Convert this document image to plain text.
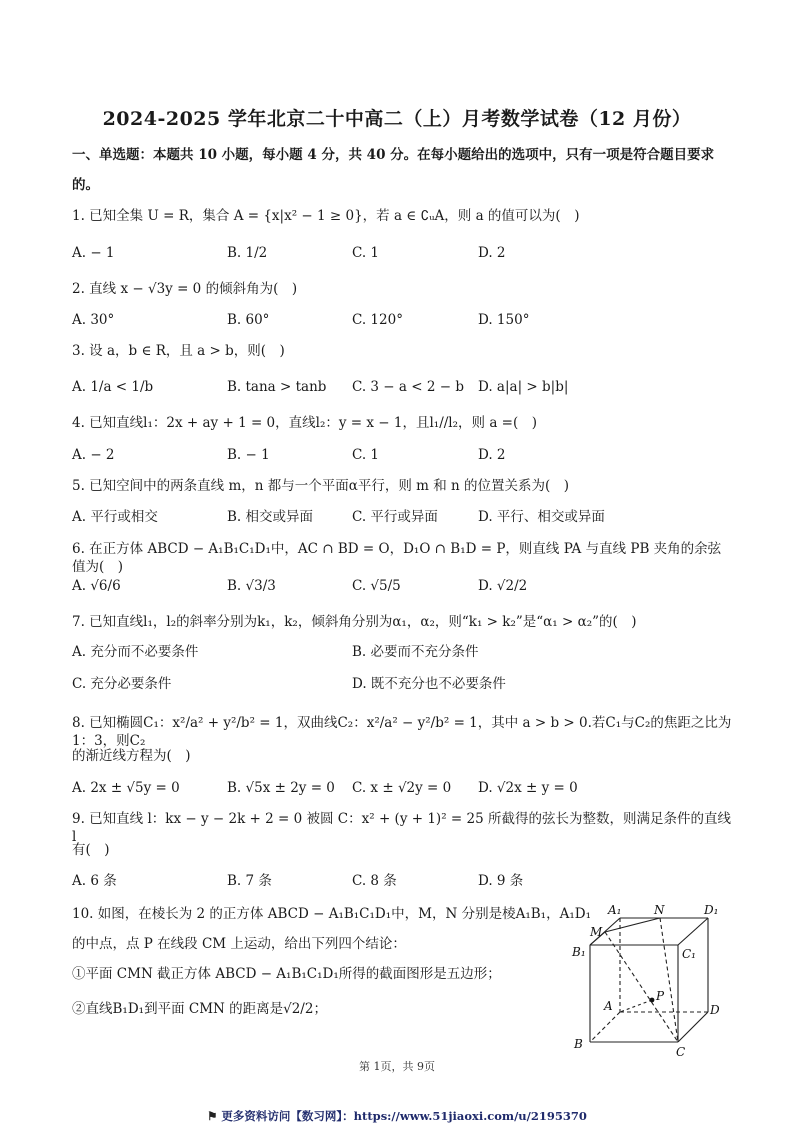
2024-2025 学年北京二十中高二（上）月考数学试卷（12 月份）
一、单选题：本题共 10 小题，每小题 4 分，共 40 分。在每小题给出的选项中，只有一项是符合题目要求
的。
1. 已知全集 U = R，集合 A = {x|x² − 1 ≥ 0}，若 a ∈ ∁ᵤA，则 a 的值可以为(　)
A. − 1	B. 1/2	C. 1	D. 2
2. 直线 x − √3y = 0 的倾斜角为(　)
A. 30°	B. 60°	C. 120°	D. 150°
3. 设 a，b ∈ R，且 a > b，则(　)
A. 1/a < 1/b	B. tana > tanb C. 3 − a < 2 − b D. a|a| > b|b|
4. 已知直线l₁：2x + ay + 1 = 0，直线l₂：y = x − 1，且l₁//l₂，则 a =(　)
A. − 2	B. − 1	C. 1	D. 2
5. 已知空间中的两条直线 m，n 都与一个平面α平行，则 m 和 n 的位置关系为(　)
A. 平行或相交	B. 相交或异面	C. 平行或异面	D. 平行、相交或异面
6. 在正方体 ABCD − A₁B₁C₁D₁中，AC ∩ BD = O，D₁O ∩ B₁D = P，则直线 PA 与直线 PB 夹角的余弦值为(　)
A. √6/6	B. √3/3	C. √5/5	D. √2/2
7. 已知直线l₁，l₂的斜率分别为k₁，k₂，倾斜角分别为α₁，α₂，则“k₁ > k₂”是“α₁ > α₂”的(　)
A. 充分而不必要条件	B. 必要而不充分条件
C. 充分必要条件	D. 既不充分也不必要条件
8. 已知椭圆C₁：x²/a² + y²/b² = 1，双曲线C₂：x²/a² − y²/b² = 1，其中 a > b > 0.若C₁与C₂的焦距之比为 1：3，则C₂
的渐近线方程为(　)
A. 2x ± √5y = 0	B. √5x ± 2y = 0 C. x ± √2y = 0 D. √2x ± y = 0
9. 已知直线 l：kx − y − 2k + 2 = 0 被圆 C：x² + (y + 1)² = 25 所截得的弦长为整数，则满足条件的直线 l
有(　)
A. 6 条	B. 7 条	C. 8 条	D. 9 条
10. 如图，在棱长为 2 的正方体 ABCD − A₁B₁C₁D₁中，M，N 分别是棱A₁B₁，A₁D₁
的中点，点 P 在线段 CM 上运动，给出下列四个结论：
①平面 CMN 截正方体 ABCD − A₁B₁C₁D₁所得的截面图形是五边形；
②直线B₁D₁到平面 CMN 的距离是√2/2；
A₁	N	D₁
M
B₁	C₁
A
P
D
B
C
第 1页，共 9页
⚑ 更多资料访问【数习网】：https://www.51jiaoxi.com/u/2195370
